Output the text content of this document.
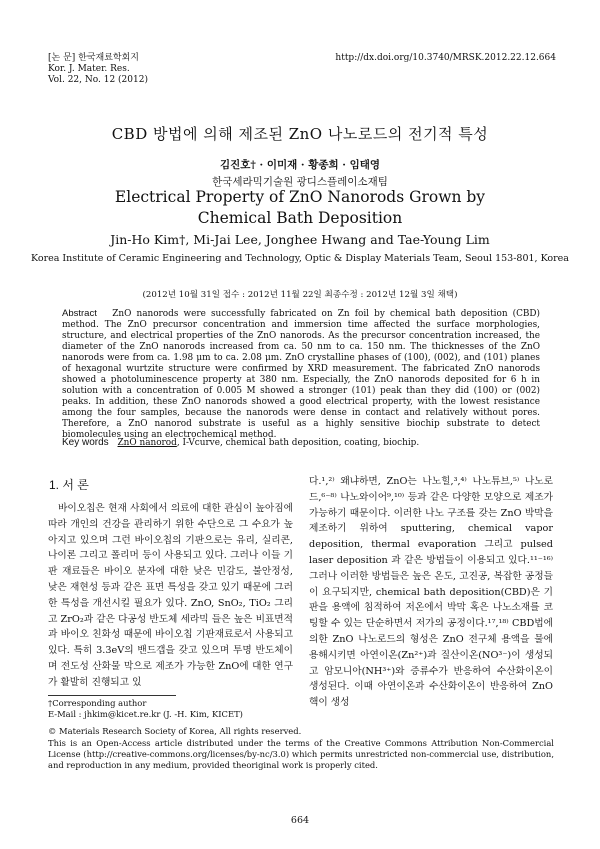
[논 문] 한국재료학회지
Kor. J. Mater. Res.
Vol. 22, No. 12 (2012)
http://dx.doi.org/10.3740/MRSK.2012.22.12.664
CBD 방법에 의해 제조된 ZnO 나노로드의 전기적 특성
김진호† · 이미재 · 황종희 · 임태영
한국세라믹기술원 광디스플레이소재팀
Electrical Property of ZnO Nanorods Grown by
Chemical Bath Deposition
Jin-Ho Kim†, Mi-Jai Lee, Jonghee Hwang and Tae-Young Lim
Korea Institute of Ceramic Engineering and Technology, Optic & Display Materials Team, Seoul 153-801, Korea
(2012년 10월 31일 접수 : 2012년 11월 22일 최종수정 : 2012년 12월 3일 채택)
Abstract ZnO nanorods were successfully fabricated on Zn foil by chemical bath deposition (CBD) method. The ZnO precursor concentration and immersion time affected the surface morphologies, structure, and electrical properties of the ZnO nanorods. As the precursor concentration increased, the diameter of the ZnO nanorods increased from ca. 50 nm to ca. 150 nm. The thicknesses of the ZnO nanorods were from ca. 1.98 μm to ca. 2.08 μm. ZnO crystalline phases of (100), (002), and (101) planes of hexagonal wurtzite structure were confirmed by XRD measurement. The fabricated ZnO nanorods showed a photoluminescence property at 380 nm. Especially, the ZnO nanorods deposited for 6 h in solution with a concentration of 0.005 M showed a stronger (101) peak than they did (100) or (002) peaks. In addition, these ZnO nanorods showed a good electrical property, with the lowest resistance among the four samples, because the nanorods were dense in contact and relatively without pores. Therefore, a ZnO nanorod substrate is useful as a highly sensitive biochip substrate to detect biomolecules using an electrochemical method.
Key words ZnO nanorod, I-Vcurve, chemical bath deposition, coating, biochip.
1. 서 론

바이오칩은 현재 사회에서 의료에 대한 관심이 높아짐에 따라 개인의 건강을 관리하기 위한 수단으로 그 수요가 높아지고 있으며 그런 바이오칩의 기판으로는 유리, 실리콘, 나이론 그리고 폴리머 등이 사용되고 있다. 그러나 이들 기판 재료들은 바이오 분자에 대한 낮은 민감도, 불안정성, 낮은 재현성 등과 같은 표면 특성을 갖고 있기 때문에 그러한 특성을 개선시킬 필요가 있다. ZnO, SnO₂, TiO₂ 그리고 ZrO₂과 같은 다공성 반도체 세라믹 들은 높은 비표면적과 바이오 친화성 때문에 바이오칩 기판재료로서 사용되고 있다. 특히 3.3eV의 밴드갭을 갖고 있으며 투명 반도체이며 전도성 산화물 막으로 제조가 가능한 ZnO에 대한 연구가 활발히 진행되고 있

다.¹,²⁾ 왜냐하면, ZnO는 나노힐,³,⁴⁾ 나노튜브,⁵⁾ 나노로드,⁶⁻⁸⁾ 나노와이어⁹,¹⁰⁾ 등과 같은 다양한 모양으로 제조가 가능하기 때문이다. 이러한 나노 구조를 갖는 ZnO 박막을 제조하기 위하여 sputtering, chemical vapor deposition, thermal evaporation 그리고 pulsed laser deposition 과 같은 방법들이 이용되고 있다.¹¹⁻¹⁶⁾ 그러나 이러한 방법들은 높은 온도, 고진공, 복잡한 공정들이 요구되지만, chemical bath deposition(CBD)은 기판을 용액에 침적하여 저온에서 박막 혹은 나노소재를 코팅할 수 있는 단순하면서 저가의 공정이다.¹⁷,¹⁸⁾ CBD법에 의한 ZnO 나노로드의 형성은 ZnO 전구체 용액을 물에 용해시키면 아연이온(Zn²⁺)과 질산이온(NO³⁻)이 생성되고 암모니아(NH³⁺)와 증류수가 반응하여 수산화이온이 생성된다. 이때 아연이온과 수산화이온이 반응하여 ZnO 핵이 생성

†Corresponding author

E-Mail : jhkim@kicet.re.kr (J. -H. Kim, KICET)

© Materials Research Society of Korea, All rights reserved.

This is an Open-Access article distributed under the terms of the Creative Commons Attribution Non-Commercial License (http://creative-commons.org/licenses/by-nc/3.0) which permits unrestricted non-commercial use, distribution, and reproduction in any medium, provided theoriginal work is properly cited.

664
